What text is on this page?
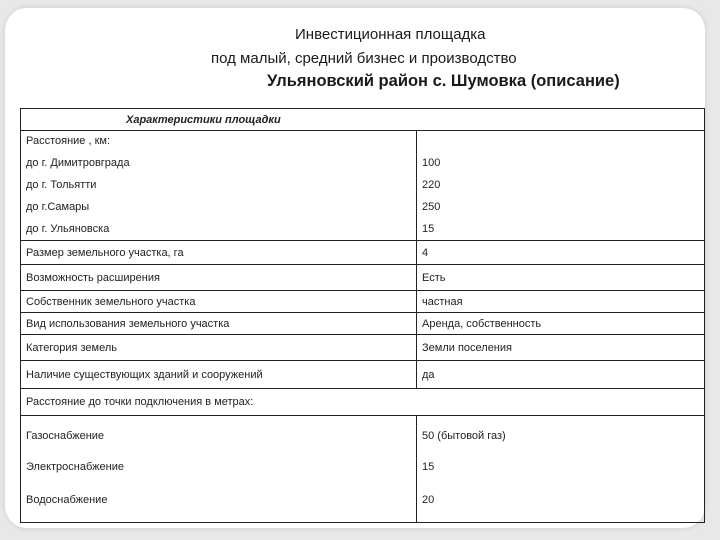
Инвестиционная площадка
под малый, средний бизнес и производство
Ульяновский район с. Шумовка (описание)
Характеристики площадки	
Расстояние , км:	
до г. Димитровграда	100
до г. Тольятти	220
до г.Самары	250
до г. Ульяновска	15
Размер земельного участка, га	4
Возможность расширения	Есть
Собственник земельного участка	частная
Вид использования земельного участка	Аренда, собственность
Категория земель	Земли поселения
Наличие существующих зданий и сооружений	да
Расстояние до точки подключения в метрах:	
Газоснабжение	50 (бытовой газ)
Электроснабжение	15
Водоснабжение	20
